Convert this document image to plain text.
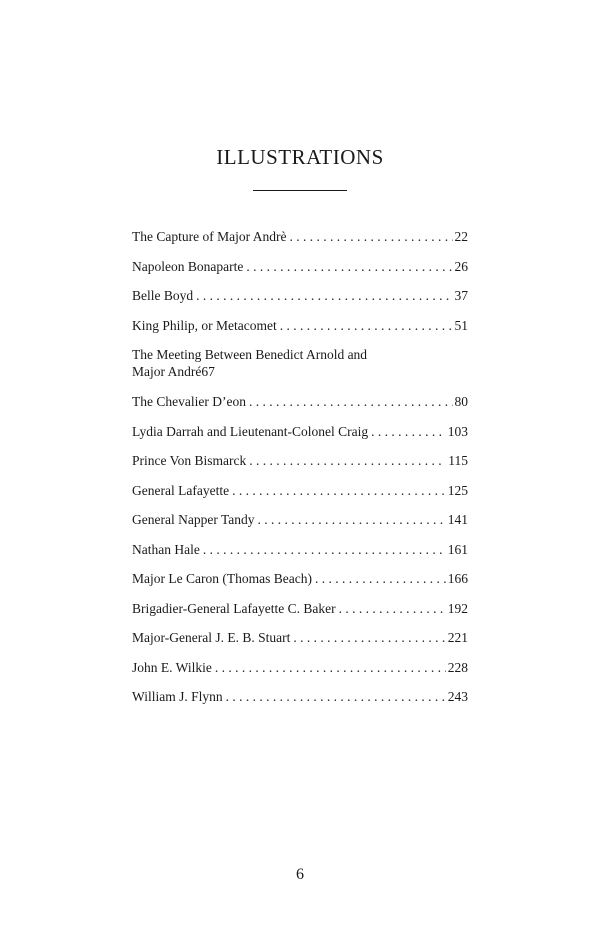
ILLUSTRATIONS
The Capture of Major Andrè . . .	22
Napoleon Bonaparte . . .	26
Belle Boyd . . .	37
King Philip, or Metacomet . . .	51
The Meeting Between Benedict Arnold and
Major André 67
The Chevalier D’eon . . .	80
Lydia Darrah and Lieutenant-Colonel Craig . . .	103
Prince Von Bismarck . . .	115
General Lafayette . . .	125
General Napper Tandy . . .	141
Nathan Hale . . .	161
Major Le Caron (Thomas Beach) . . .	166
Brigadier-General Lafayette C. Baker . . .	192
Major-General J. E. B. Stuart . . .	221
John E. Wilkie . . .	228
William J. Flynn . . .	243
6
